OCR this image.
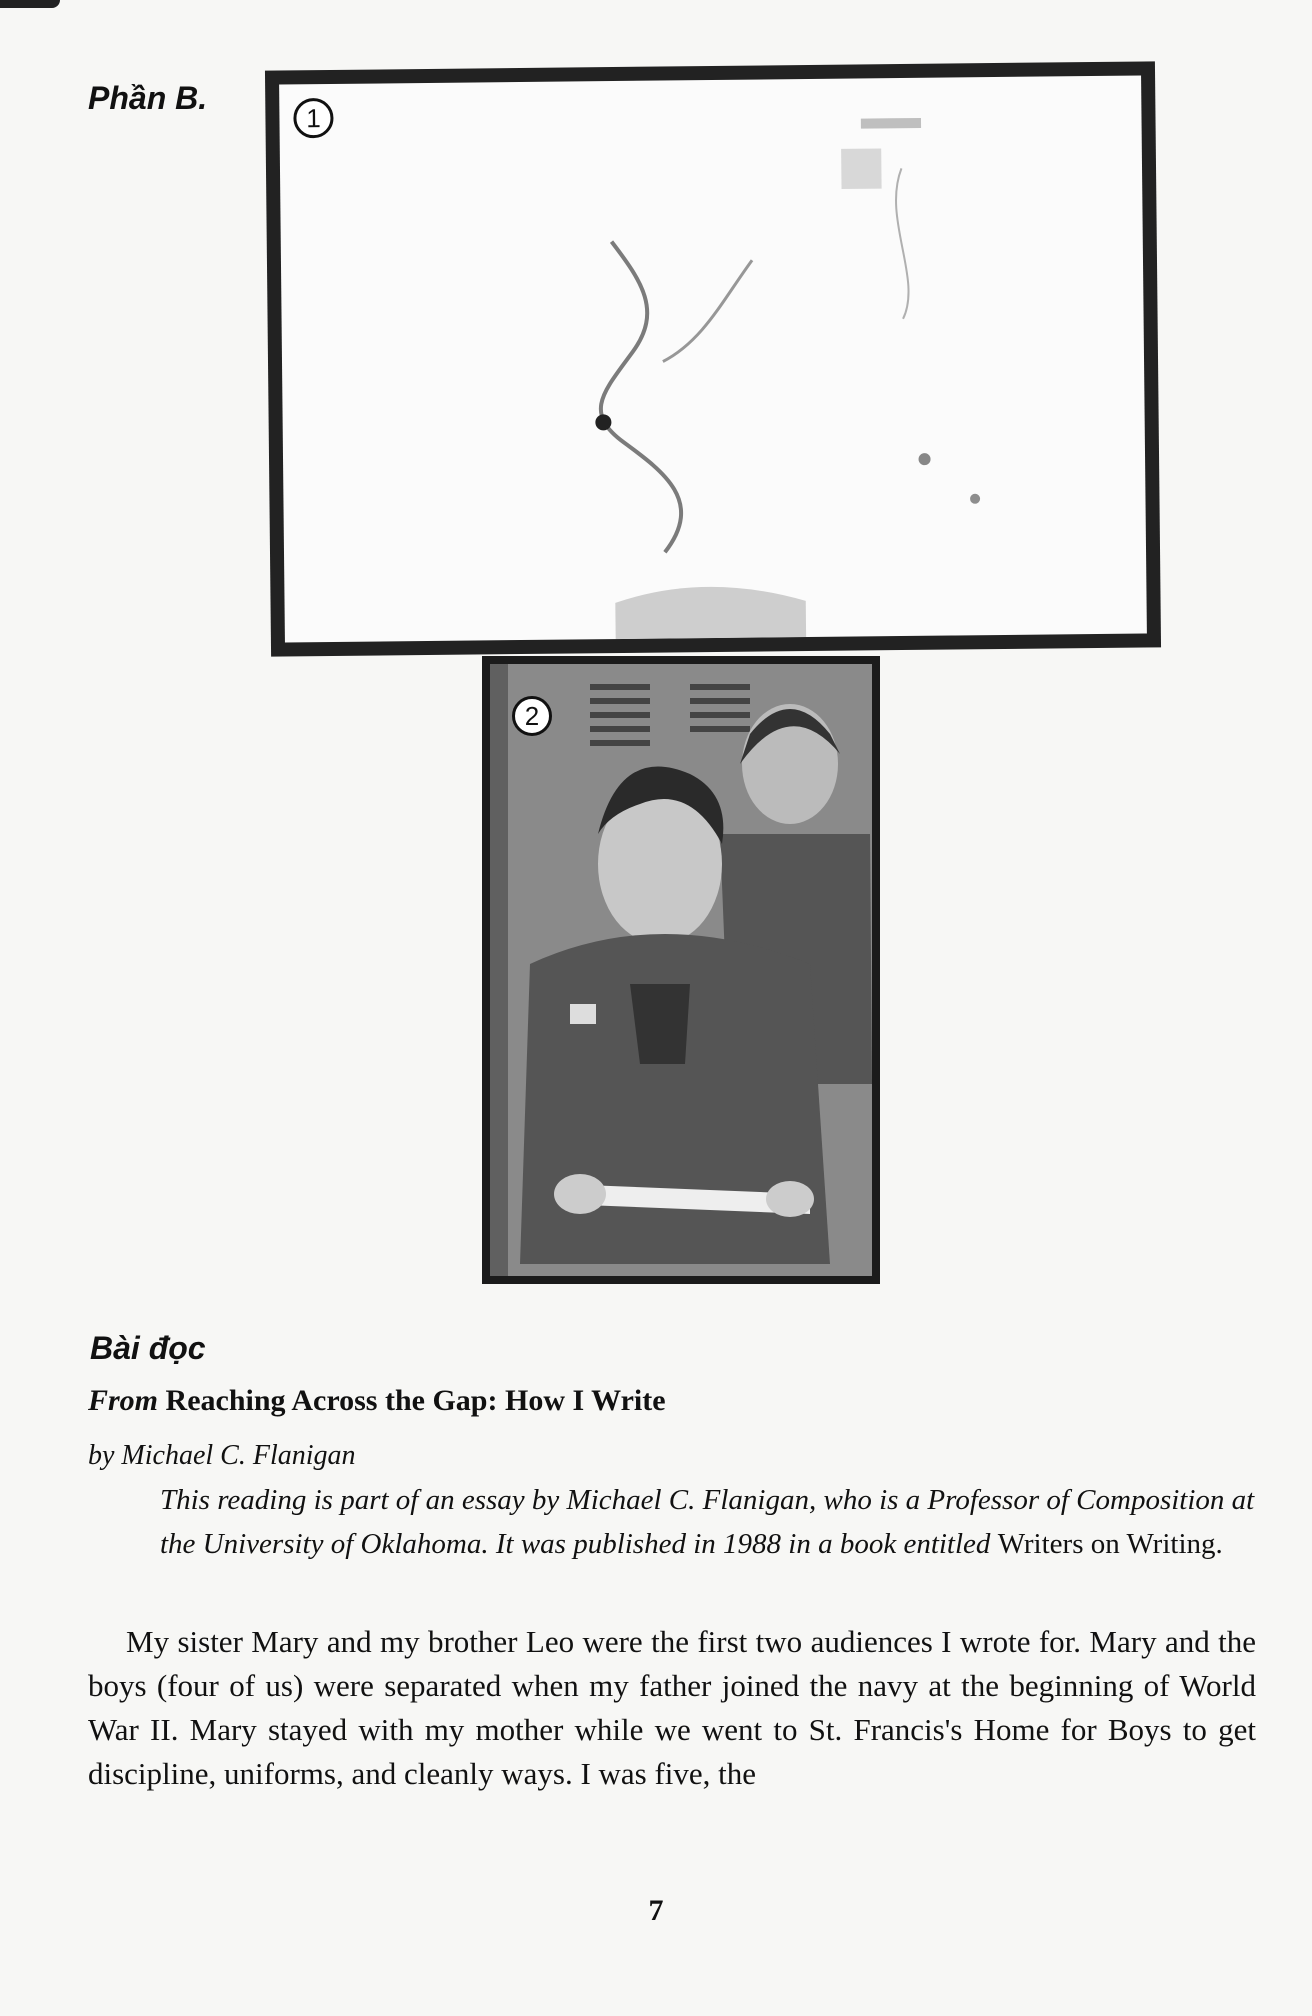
Phần B.
1
2
Bài đọc
From Reaching Across the Gap: How I Write
by Michael C. Flanigan
This reading is part of an essay by Michael C. Flanigan, who is a Professor of Composition at the University of Oklahoma. It was published in 1988 in a book entitled Writers on Writing.
My sister Mary and my brother Leo were the first two audiences I wrote for. Mary and the boys (four of us) were separated when my father joined the navy at the beginning of World War II. Mary stayed with my mother while we went to St. Francis's Home for Boys to get discipline, uniforms, and cleanly ways. I was five, the
7
